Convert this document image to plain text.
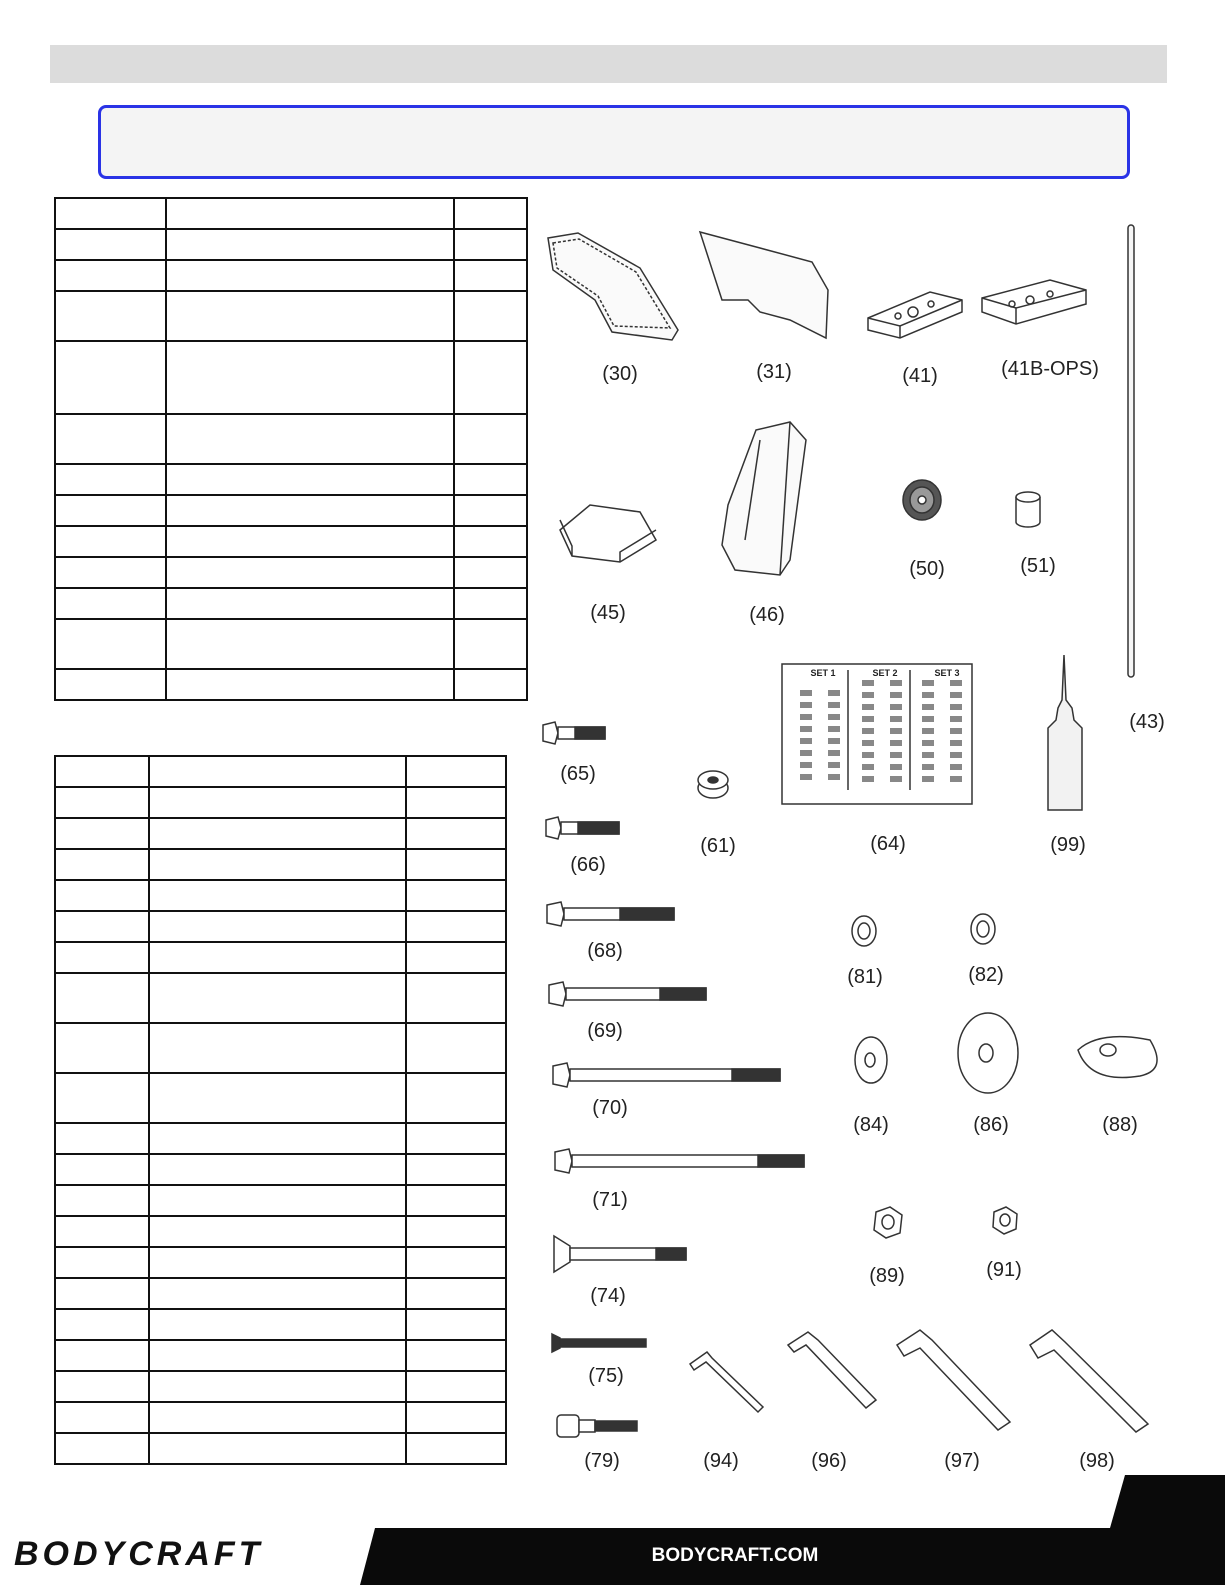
SET 1	SET 2	SET 3
(30)	(31)	(41)	(41B-OPS)
(43)
(45)	(46)
(50)	(51)
(61)	(64)
(65)
(66)
(68)
(69)
(70)
(71)
(74)
(75)
(79)
(81)	(82)
(84)	(86)	(88)
(89)	(91)
(94)	(96)	(97)	(98)
(99)
BODYCRAFT	BODYCRAFT.COM
